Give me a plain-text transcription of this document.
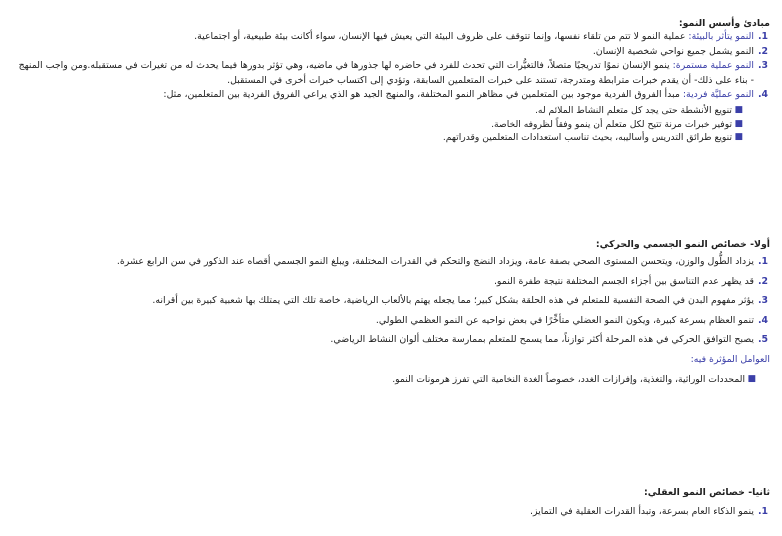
مبادئ وأسس النمو:

1.
النمو يتأثر بالبيئة: عملية النمو لا تتم من تلقاء نفسها، وإنما تتوقف على ظروف البيئة التي يعيش فيها الإنسان، سواء أكانت بيئة طبيعية، أو اجتماعية.
2.
النمو يشمل جميع نواحي شخصية الإنسان.
3.
النمو عملية مستمرة: ينمو الإنسان نموًا تدريجيًا متصلاً، فالتغيُّرات التي تحدث للفرد في حاضره لها جذورها في ماضيه، وهي تؤثر بدورها فيما يحدث له من تغيرات في مستقبله.ومن واجب المنهج - بناء على ذلك- أن يقدم خبرات مترابطة ومتدرجة، تستند على خبرات المتعلمين السابقة، وتؤدي إلى اكتساب خبرات أخرى في المستقبل.
4.
النمو عمليَّة فردية: مبدأ الفروق الفردية موجود بين المتعلمين في مظاهر النمو المختلفة، والمنهج الجيد هو الذي يراعي الفروق الفردية بين المتعلمين، مثل:
■
تنويع الأنشطة حتى يجد كل متعلم النشاط الملائم له.
■
توفير خبرات مرنة تتيح لكل متعلم أن ينمو وفقاً لظروفه الخاصة.
■
تنويع طرائق التدريس وأساليبه، بحيث تناسب استعدادات المتعلمين وقدراتهم.

أولا- خصائص النمو الجسمي والحركي:

1.
يزداد الطُّول والوزن، ويتحسن المستوى الصحي بصفة عامة، ويزداد النضج والتحكم في القدرات المختلفة، ويبلغ النمو الجسمي أقصاه عند الذكور في سن الرابع عشرة.
2.
قد يظهر عدم التناسق بين أجزاء الجسم المختلفة نتيجة طفرة النمو.
3.
يؤثر مفهوم البدن في الصحة النفسية للمتعلم في هذه الحلقة بشكل كبير؛ مما يجعله يهتم بالألعاب الرياضية، خاصة تلك التي يمتلك بها شعبية كبيرة بين أقرانه.
4.
تنمو العظام بسرعة كبيرة، ويكون النمو العضلي متأخِّرًا في بعض نواحيه عن النمو العظمي الطولي.
5.
يصبح التوافق الحركي في هذه المرحلة أكثر توازناً، مما يسمح للمتعلم بممارسة مختلف ألوان النشاط الرياضي.

العوامل المؤثرة فيه:

■
المحددات الوراثية، والتغذية، وإفرازات الغدد، خصوصاً الغدة النخامية التي تفرز هرمونات النمو.

ثانيا- خصائص النمو العقلي:

1.
ينمو الذكاء العام بسرعة، وتبدأ القدرات العقلية في التمايز.
